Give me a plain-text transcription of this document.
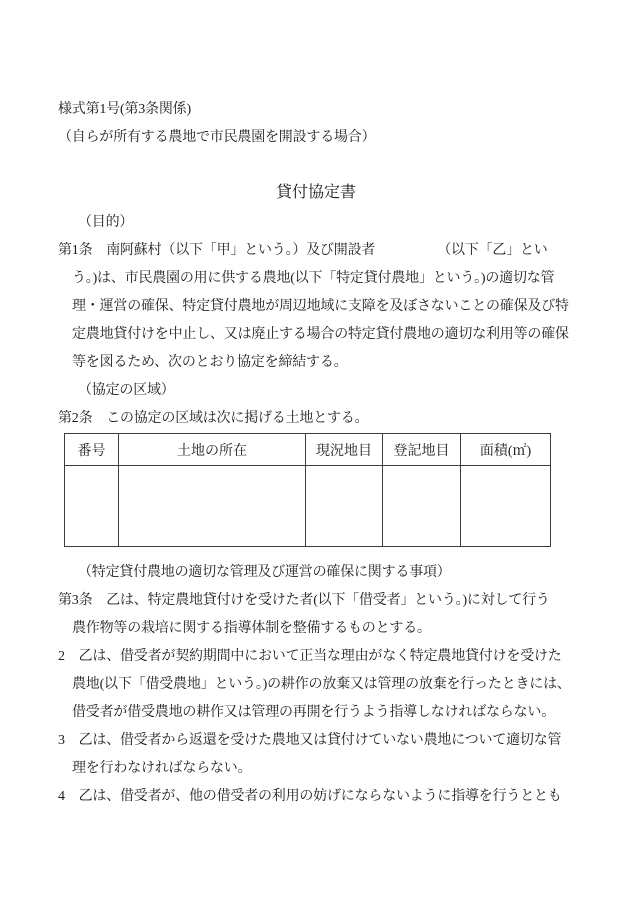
様式第1号(第3条関係)
（自らが所有する農地で市民農園を開設する場合）
貸付協定書
（目的）
第1条　南阿蘇村（以下「甲」という。）及び開設者　　　　　（以下「乙」とい
う。)は、市民農園の用に供する農地(以下「特定貸付農地」という。)の適切な管
理・運営の確保、特定貸付農地が周辺地域に支障を及ぼさないことの確保及び特
定農地貸付けを中止し、又は廃止する場合の特定貸付農地の適切な利用等の確保
等を図るため、次のとおり協定を締結する。
（協定の区域）
第2条　この協定の区域は次に掲げる土地とする。
番号	土地の所在	現況地目	登記地目	面積(㎡)

（特定貸付農地の適切な管理及び運営の確保に関する事項）
第3条　乙は、特定農地貸付けを受けた者(以下「借受者」という。)に対して行う
農作物等の栽培に関する指導体制を整備するものとする。
2　乙は、借受者が契約期間中において正当な理由がなく特定農地貸付けを受けた
農地(以下「借受農地」という。)の耕作の放棄又は管理の放棄を行ったときには、
借受者が借受農地の耕作又は管理の再開を行うよう指導しなければならない。
3　乙は、借受者から返還を受けた農地又は貸付けていない農地について適切な管
理を行わなければならない。
4　乙は、借受者が、他の借受者の利用の妨げにならないように指導を行うととも
